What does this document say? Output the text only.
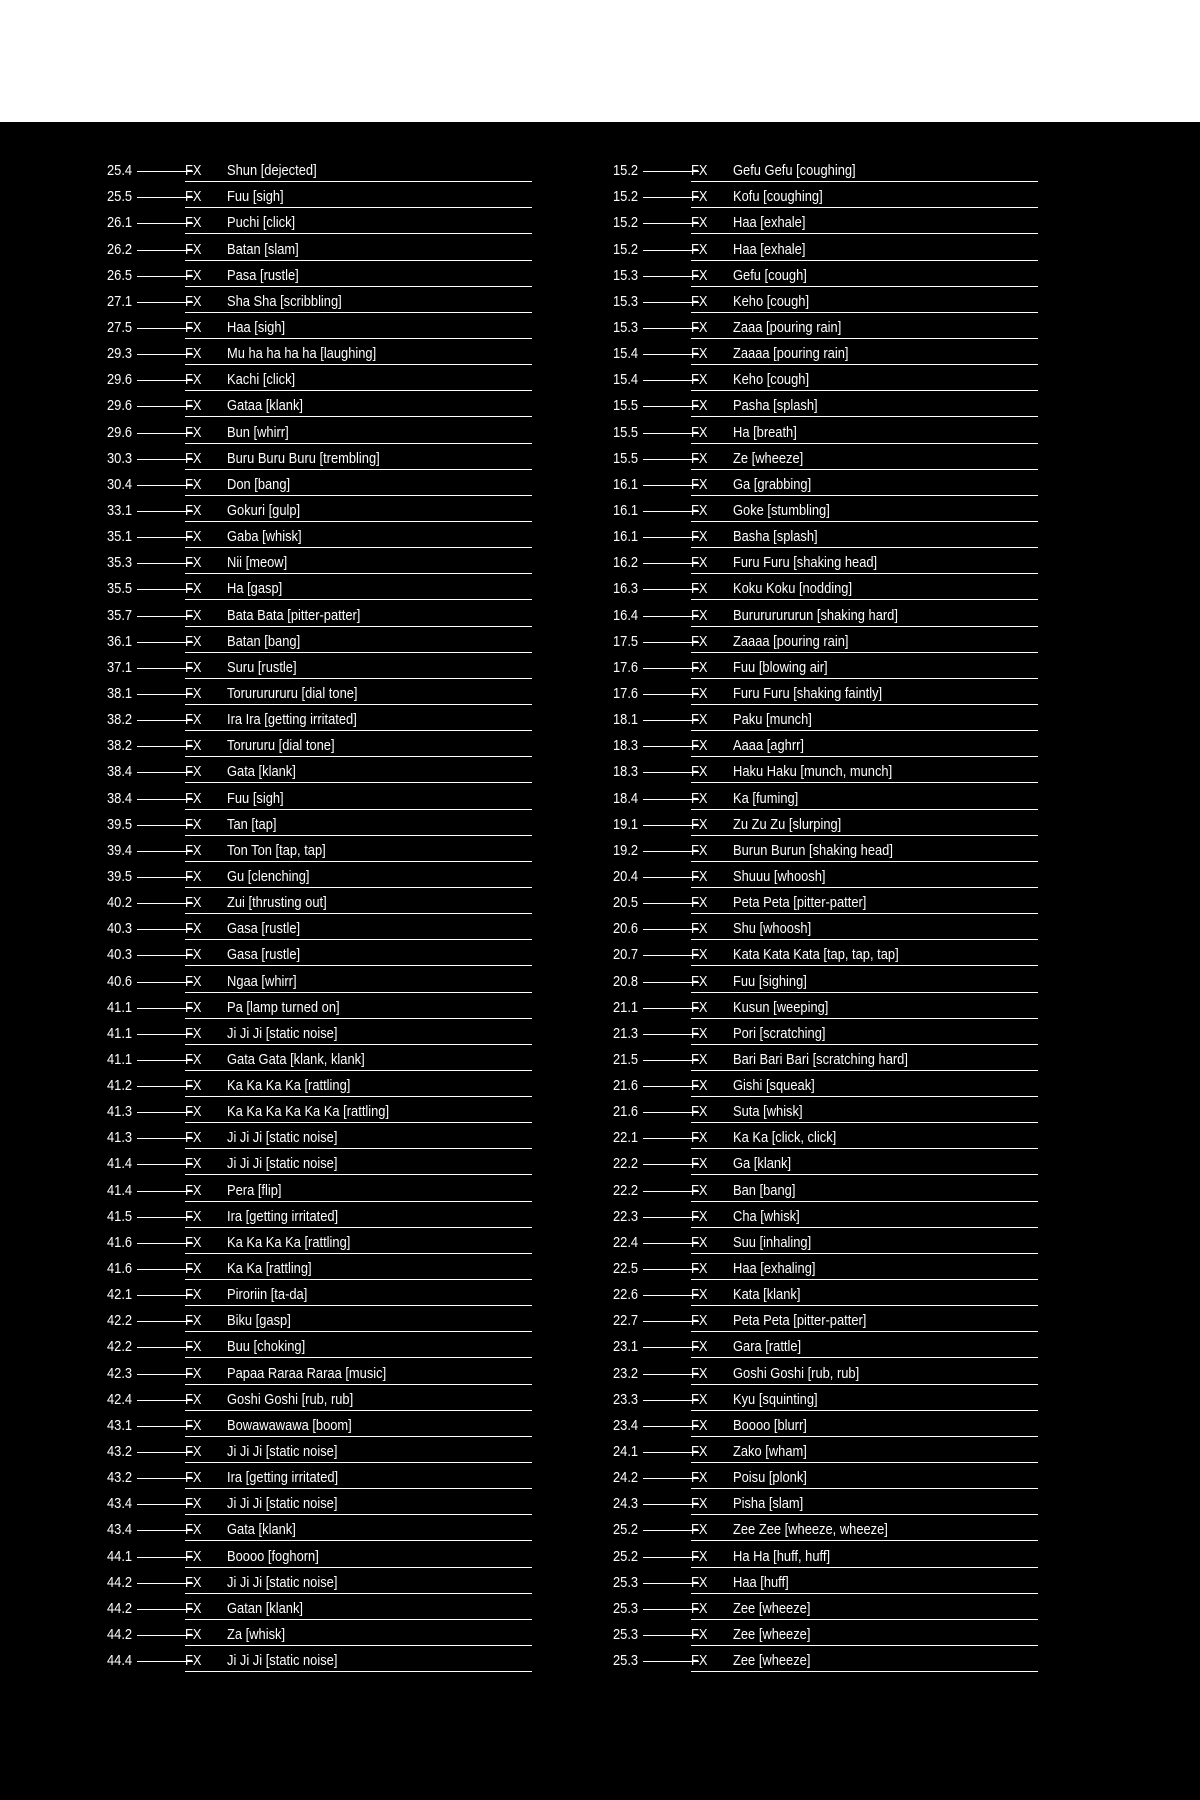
25.4	FX Shun [dejected]
25.5	FX Fuu [sigh]
26.1	FX Puchi [click]
26.2	FX Batan [slam]
26.5	FX Pasa [rustle]
27.1	FX Sha Sha [scribbling]
27.5	FX Haa [sigh]
29.3	FX Mu ha ha ha ha [laughing]
29.6	FX Kachi [click]
29.6	FX Gataa [klank]
29.6	FX Bun [whirr]
30.3	FX Buru Buru Buru [trembling]
30.4	FX Don [bang]
33.1	FX Gokuri [gulp]
35.1	FX Gaba [whisk]
35.3	FX Nii [meow]
35.5	FX Ha [gasp]
35.7	FX Bata Bata [pitter-patter]
36.1	FX Batan [bang]
37.1	FX Suru [rustle]
38.1	FX Torururururu [dial tone]
38.2	FX Ira Ira [getting irritated]
38.2	FX Torururu [dial tone]
38.4	FX Gata [klank]
38.4	FX Fuu [sigh]
39.5	FX Tan [tap]
39.4	FX Ton Ton [tap, tap]
39.5	FX Gu [clenching]
40.2	FX Zui [thrusting out]
40.3	FX Gasa [rustle]
40.3	FX Gasa [rustle]
40.6	FX Ngaa [whirr]
41.1	FX Pa [lamp turned on]
41.1	FX Ji Ji Ji [static noise]
41.1	FX Gata Gata [klank, klank]
41.2	FX Ka Ka Ka Ka [rattling]
41.3	FX Ka Ka Ka Ka Ka Ka [rattling]
41.3	FX Ji Ji Ji [static noise]
41.4	FX Ji Ji Ji [static noise]
41.4	FX Pera [flip]
41.5	FX Ira [getting irritated]
41.6	FX Ka Ka Ka Ka [rattling]
41.6	FX Ka Ka [rattling]
42.1	FX Piroriin [ta-da]
42.2	FX Biku [gasp]
42.2	FX Buu [choking]
42.3	FX Papaa Raraa Raraa [music]
42.4	FX Goshi Goshi [rub, rub]
43.1	FX Bowawawawa [boom]
43.2	FX Ji Ji Ji [static noise]
43.2	FX Ira [getting irritated]
43.4	FX Ji Ji Ji [static noise]
43.4	FX Gata [klank]
44.1	FX Boooo [foghorn]
44.2	FX Ji Ji Ji [static noise]
44.2	FX Gatan [klank]
44.2	FX Za [whisk]
44.4	FX Ji Ji Ji [static noise]
15.2	FX Gefu Gefu [coughing]
15.2	FX Kofu [coughing]
15.2	FX Haa [exhale]
15.2	FX Haa [exhale]
15.3	FX Gefu [cough]
15.3	FX Keho [cough]
15.3	FX Zaaa [pouring rain]
15.4	FX Zaaaa [pouring rain]
15.4	FX Keho [cough]
15.5	FX Pasha [splash]
15.5	FX Ha [breath]
15.5	FX Ze [wheeze]
16.1	FX Ga [grabbing]
16.1	FX Goke [stumbling]
16.1	FX Basha [splash]
16.2	FX Furu Furu [shaking head]
16.3	FX Koku Koku [nodding]
16.4	FX Burururururun [shaking hard]
17.5	FX Zaaaa [pouring rain]
17.6	FX Fuu [blowing air]
17.6	FX Furu Furu [shaking faintly]
18.1	FX Paku [munch]
18.3	FX Aaaa [aghrr]
18.3	FX Haku Haku [munch, munch]
18.4	FX Ka [fuming]
19.1	FX Zu Zu Zu [slurping]
19.2	FX Burun Burun [shaking head]
20.4	FX Shuuu [whoosh]
20.5	FX Peta Peta [pitter-patter]
20.6	FX Shu [whoosh]
20.7	FX Kata Kata Kata [tap, tap, tap]
20.8	FX Fuu [sighing]
21.1	FX Kusun [weeping]
21.3	FX Pori [scratching]
21.5	FX Bari Bari Bari [scratching hard]
21.6	FX Gishi [squeak]
21.6	FX Suta [whisk]
22.1	FX Ka Ka [click, click]
22.2	FX Ga [klank]
22.2	FX Ban [bang]
22.3	FX Cha [whisk]
22.4	FX Suu [inhaling]
22.5	FX Haa [exhaling]
22.6	FX Kata [klank]
22.7	FX Peta Peta [pitter-patter]
23.1	FX Gara [rattle]
23.2	FX Goshi Goshi [rub, rub]
23.3	FX Kyu [squinting]
23.4	FX Boooo [blurr]
24.1	FX Zako [wham]
24.2	FX Poisu [plonk]
24.3	FX Pisha [slam]
25.2	FX Zee Zee [wheeze, wheeze]
25.2	FX Ha Ha [huff, huff]
25.3	FX Haa [huff]
25.3	FX Zee [wheeze]
25.3	FX Zee [wheeze]
25.3	FX Zee [wheeze]
